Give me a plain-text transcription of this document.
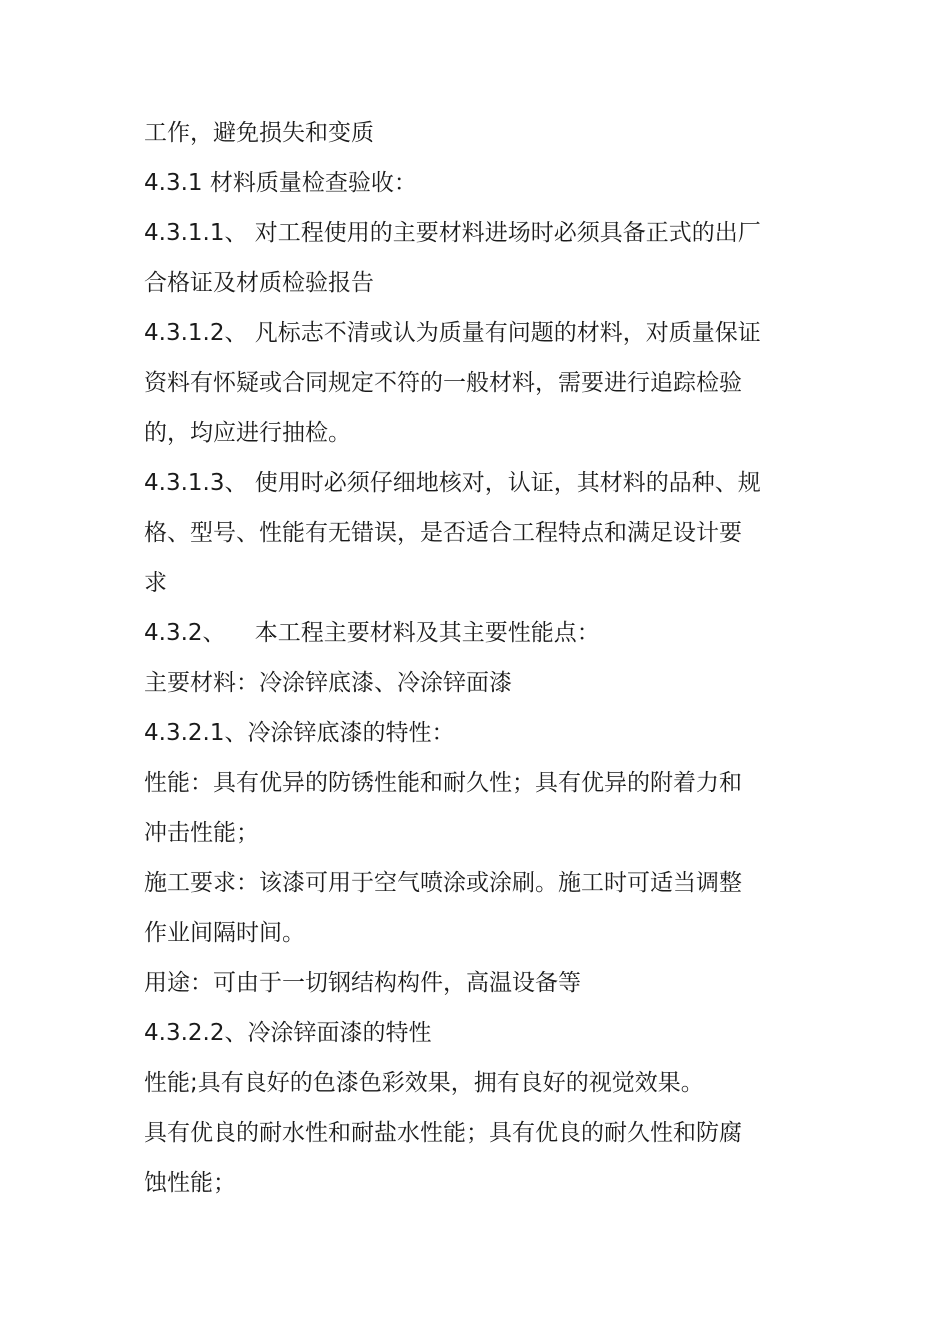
工作，避免损失和变质

4.3.1 材料质量检查验收：

4.3.1.1、 对工程使用的主要材料进场时必须具备正式的出厂
合格证及材质检验报告

4.3.1.2、 凡标志不清或认为质量有问题的材料，对质量保证
资料有怀疑或合同规定不符的一般材料，需要进行追踪检验
的，均应进行抽检。

4.3.1.3、 使用时必须仔细地核对，认证，其材料的品种、规
格、型号、性能有无错误，是否适合工程特点和满足设计要
求

4.3.2、    本工程主要材料及其主要性能点：

主要材料：冷涂锌底漆、冷涂锌面漆

4.3.2.1、冷涂锌底漆的特性：

性能：具有优异的防锈性能和耐久性；具有优异的附着力和
冲击性能；

施工要求：该漆可用于空气喷涂或涂刷。施工时可适当调整
作业间隔时间。

用途：可由于一切钢结构构件，高温设备等

4.3.2.2、冷涂锌面漆的特性

性能;具有良好的色漆色彩效果，拥有良好的视觉效果。

具有优良的耐水性和耐盐水性能；具有优良的耐久性和防腐
蚀性能；
